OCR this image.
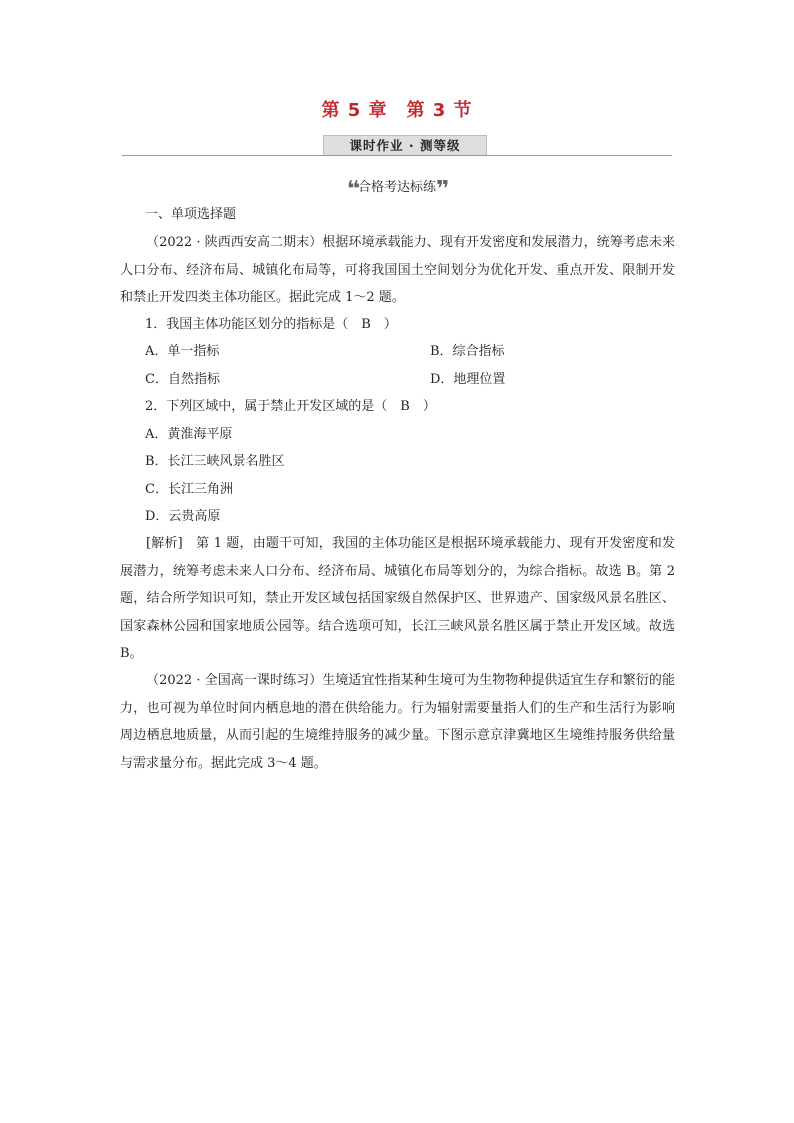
第 5 章　第 3 节
课时作业 · 测等级
❛❛合格考达标练❜❜
一、单项选择题
（2022 · 陕西西安高二期末）根据环境承载能力、现有开发密度和发展潜力，统筹考虑未来人口分布、经济布局、城镇化布局等，可将我国国土空间划分为优化开发、重点开发、限制开发和禁止开发四类主体功能区。据此完成 1～2 题。
1．我国主体功能区划分的指标是（　B　）
A．单一指标	B．综合指标
C．自然指标	D．地理位置
2．下列区域中，属于禁止开发区域的是（　B　）
A．黄淮海平原
B．长江三峡风景名胜区
C．长江三角洲
D．云贵高原
[解析]　第 1 题，由题干可知，我国的主体功能区是根据环境承载能力、现有开发密度和发展潜力，统筹考虑未来人口分布、经济布局、城镇化布局等划分的，为综合指标。故选 B。第 2 题，结合所学知识可知，禁止开发区域包括国家级自然保护区、世界遗产、国家级风景名胜区、国家森林公园和国家地质公园等。结合选项可知，长江三峡风景名胜区属于禁止开发区域。故选 B。
（2022 · 全国高一课时练习）生境适宜性指某种生境可为生物物种提供适宜生存和繁衍的能力，也可视为单位时间内栖息地的潜在供给能力。行为辐射需要量指人们的生产和生活行为影响周边栖息地质量，从而引起的生境维持服务的减少量。下图示意京津冀地区生境维持服务供给量与需求量分布。据此完成 3～4 题。
